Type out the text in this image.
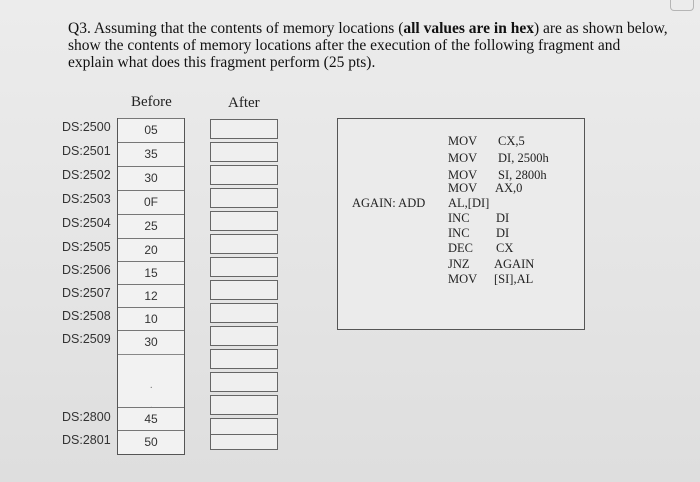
Q3. Assuming that the contents of memory locations (all values are in hex) are as shown below, show the contents of memory locations after the execution of the following fragment and explain what does this fragment perform (25 pts).
Before	After
DS:2500
DS:2501
DS:2502
DS:2503
DS:2504
DS:2505
DS:2506
DS:2507
DS:2508
DS:2509
DS:2800
DS:2801
05
35
30
0F
25
20
15
12
10
30
.
.
45
50
MOV CX,5
MOV DI, 2500h
MOV SI, 2800h
MOV AX,0
AGAIN: ADD AL,[DI]
INC DI
INC DI
DEC CX
JNZ AGAIN
MOV [SI],AL
